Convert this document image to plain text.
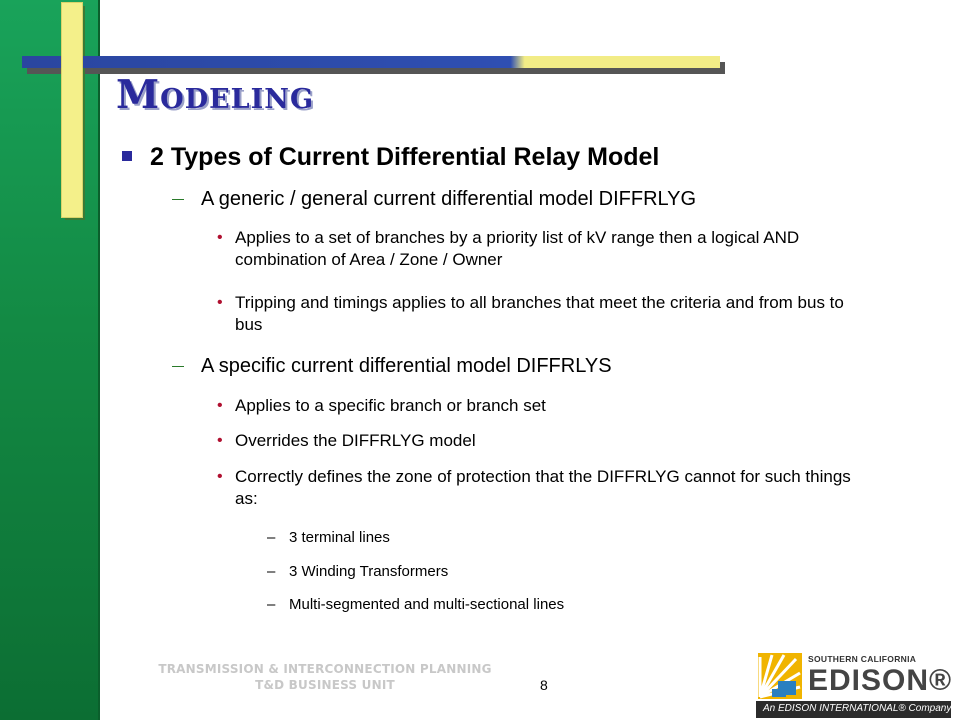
Modeling
2 Types of Current Differential Relay Model
A generic / general current differential model DIFFRLYG
• Applies to a set of branches by a priority list of kV range then a logical AND combination of Area / Zone / Owner
• Tripping and timings applies to all branches that meet the criteria and from bus to bus
A specific current differential model DIFFRLYS
• Applies to a specific branch or branch set
• Overrides the DIFFRLYG model
• Correctly defines the zone of protection that the DIFFRLYG cannot for such things as:
– 3 terminal lines
– 3 Winding Transformers
– Multi-segmented and multi-sectional lines
TRANSMISSION & INTERCONNECTION PLANNING
T&D BUSINESS UNIT	8
SOUTHERN CALIFORNIA
EDISON®
An EDISON INTERNATIONAL® Company
